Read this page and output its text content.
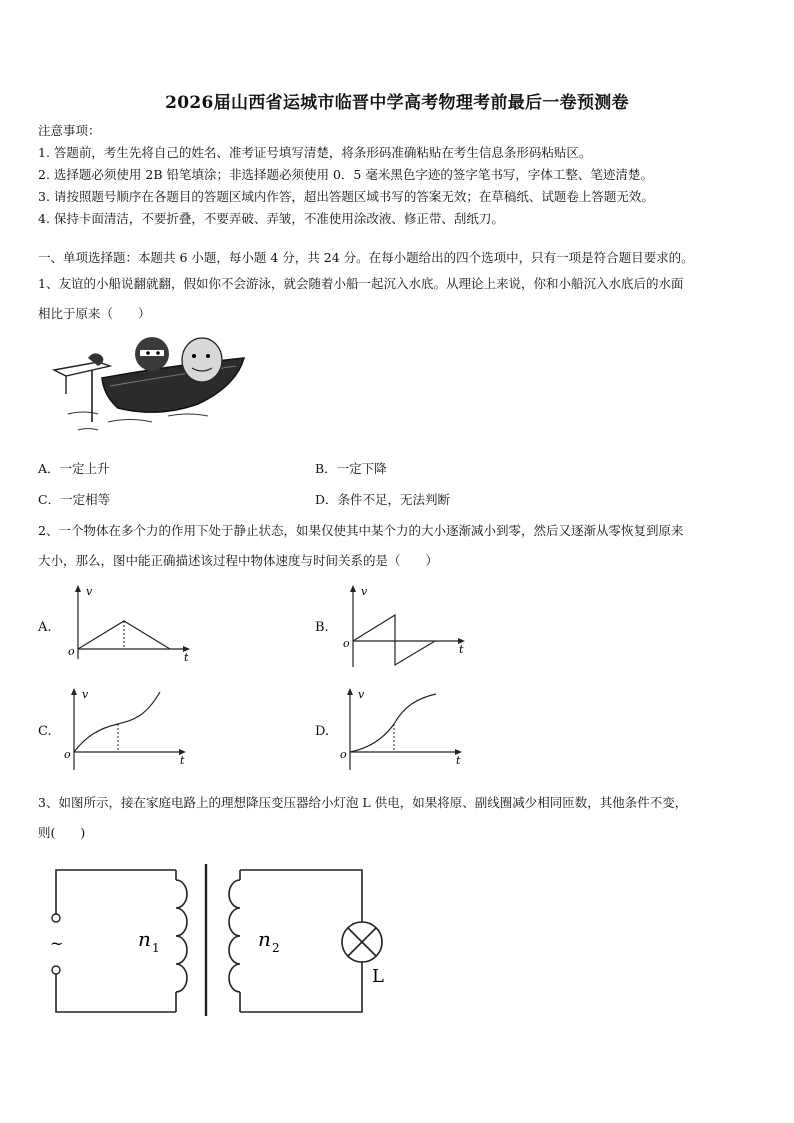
2026届山西省运城市临晋中学高考物理考前最后一卷预测卷
注意事项：
1. 答题前，考生先将自己的姓名、准考证号填写清楚，将条形码准确粘贴在考生信息条形码粘贴区。
2. 选择题必须使用 2B 铅笔填涂；非选择题必须使用 0．5 毫米黑色字迹的签字笔书写，字体工整、笔迹清楚。
3. 请按照题号顺序在各题目的答题区域内作答，超出答题区域书写的答案无效；在草稿纸、试题卷上答题无效。
4. 保持卡面清洁，不要折叠，不要弄破、弄皱，不准使用涂改液、修正带、刮纸刀。
一、单项选择题：本题共 6 小题，每小题 4 分，共 24 分。在每小题给出的四个选项中，只有一项是符合题目要求的。
1、友谊的小船说翻就翻，假如你不会游泳，就会随着小船一起沉入水底。从理论上来说，你和小船沉入水底后的水面
相比于原来（　　）
A．一定上升	B．一定下降
C．一定相等	D．条件不足，无法判断
2、一个物体在多个力的作用下处于静止状态，如果仅使其中某个力的大小逐渐减小到零，然后又逐渐从零恢复到原来
大小，那么，图中能正确描述该过程中物体速度与时间关系的是（　　）
A.
v
t
o
B.
v
t
o
C.
v
t
o
D.
v
t
o
3、如图所示，接在家庭电路上的理想降压变压器给小灯泡 L 供电，如果将原、副线圈减少相同匝数，其他条件不变，
则(　　)
~	n 1	n 2
L
